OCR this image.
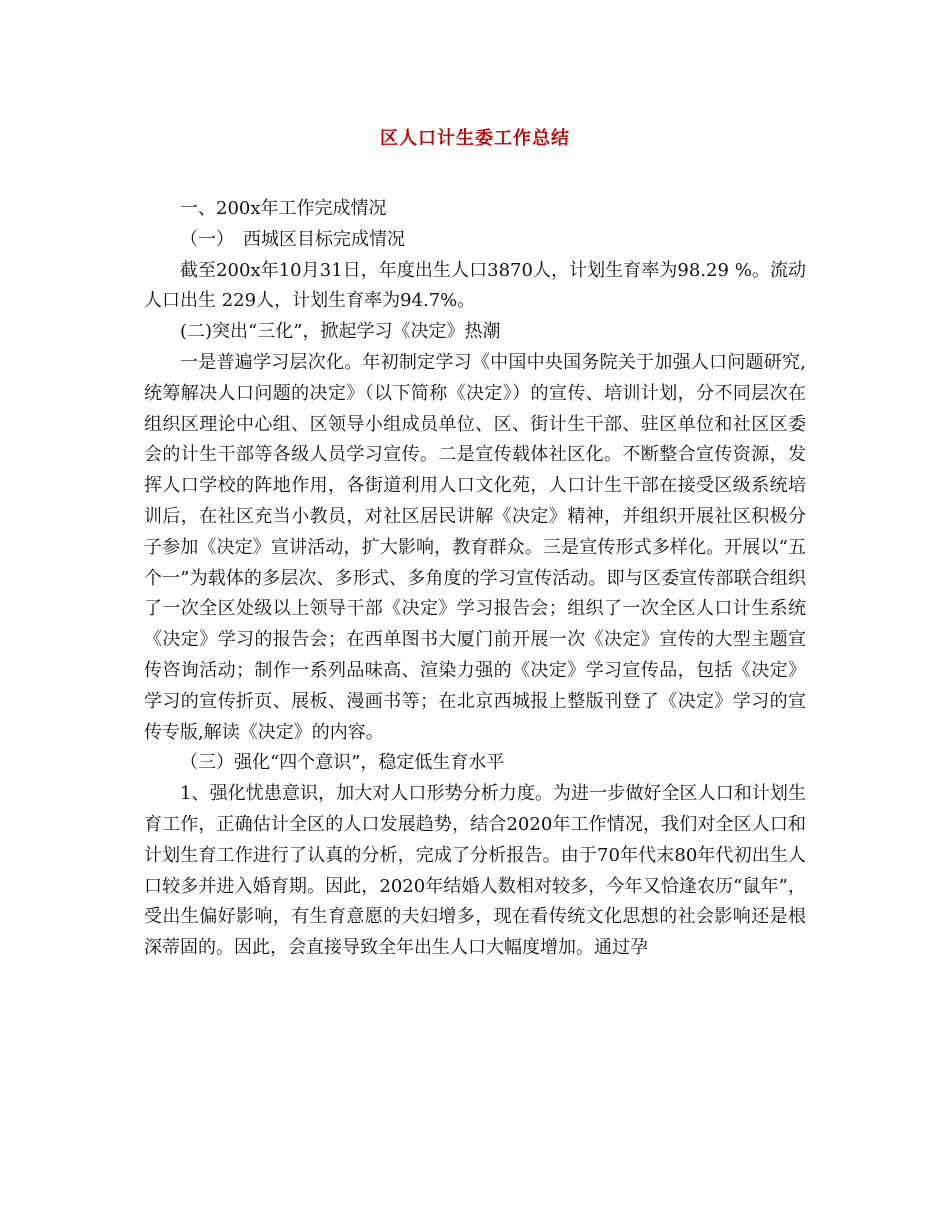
区人口计生委工作总结

一、200x年工作完成情况

（一）　西城区目标完成情况

截至200x年10月31日，年度出生人口3870人，计划生育率为98.29 %。流动人口出生 229人，计划生育率为94.7%。

(二)突出“三化”，掀起学习《决定》热潮

一是普遍学习层次化。年初制定学习《中国中央国务院关于加强人口问题研究,统筹解决人口问题的决定》（以下简称《决定》）的宣传、培训计划，分不同层次在组织区理论中心组、区领导小组成员单位、区、街计生干部、驻区单位和社区区委会的计生干部等各级人员学习宣传。二是宣传载体社区化。不断整合宣传资源，发挥人口学校的阵地作用，各街道利用人口文化苑，人口计生干部在接受区级系统培训后，在社区充当小教员，对社区居民讲解《决定》精神，并组织开展社区积极分子参加《决定》宣讲活动，扩大影响，教育群众。三是宣传形式多样化。开展以“五个一”为载体的多层次、多形式、多角度的学习宣传活动。即与区委宣传部联合组织了一次全区处级以上领导干部《决定》学习报告会；组织了一次全区人口计生系统《决定》学习的报告会；在西单图书大厦门前开展一次《决定》宣传的大型主题宣传咨询活动；制作一系列品味高、渲染力强的《决定》学习宣传品，包括《决定》学习的宣传折页、展板、漫画书等；在北京西城报上整版刊登了《决定》学习的宣传专版,解读《决定》的内容。

（三）强化“四个意识”，稳定低生育水平

1、强化忧患意识，加大对人口形势分析力度。为进一步做好全区人口和计划生育工作，正确估计全区的人口发展趋势，结合2020年工作情况，我们对全区人口和计划生育工作进行了认真的分析，完成了分析报告。由于70年代末80年代初出生人口较多并进入婚育期。因此，2020年结婚人数相对较多，今年又恰逢农历“鼠年”，受出生偏好影响，有生育意愿的夫妇增多，现在看传统文化思想的社会影响还是根深蒂固的。因此，会直接导致全年出生人口大幅度增加。通过孕
